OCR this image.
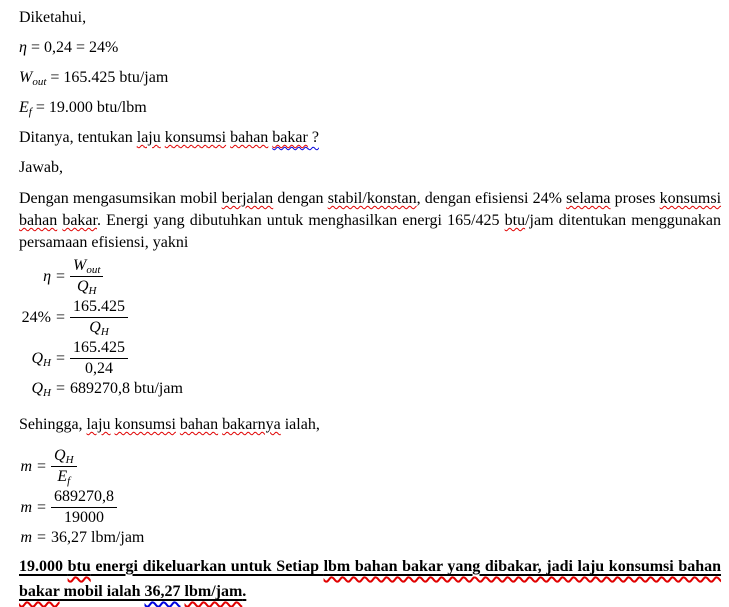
Diketahui,

η = 0,24 = 24%

Wout = 165.425 btu/jam

Ef = 19.000 btu/lbm

Ditanya, tentukan laju konsumsi bahan bakar ?

Jawab,

Dengan mengasumsikan mobil berjalan dengan stabil/konstan, dengan efisiensi 24% selama proses konsumsi
bahan bakar. Energi yang dibutuhkan untuk menghasilkan energi 165/425 btu/jam ditentukan menggunakan
persamaan efisiensi, yakni
$\eta = \frac{\text{Wout}}{QH}$
$24\% = \frac{165.425}{QH}$
QH = $\frac{165.425}{0,24}$
QH = 689270,8 btu/jam

Sehingga, laju konsumsi bahan bakarnya ialah,

$m = \frac{QH}{Ef}$
$m = \frac{689270,8}{19000}$
m = 36,27 lbm/jam
19.000 btu energi dikeluarkan untuk Setiap lbm bahan bakar yang dibakar, jadi laju konsumsi bahan
bakar mobil ialah 36,27 lbm/jam.
